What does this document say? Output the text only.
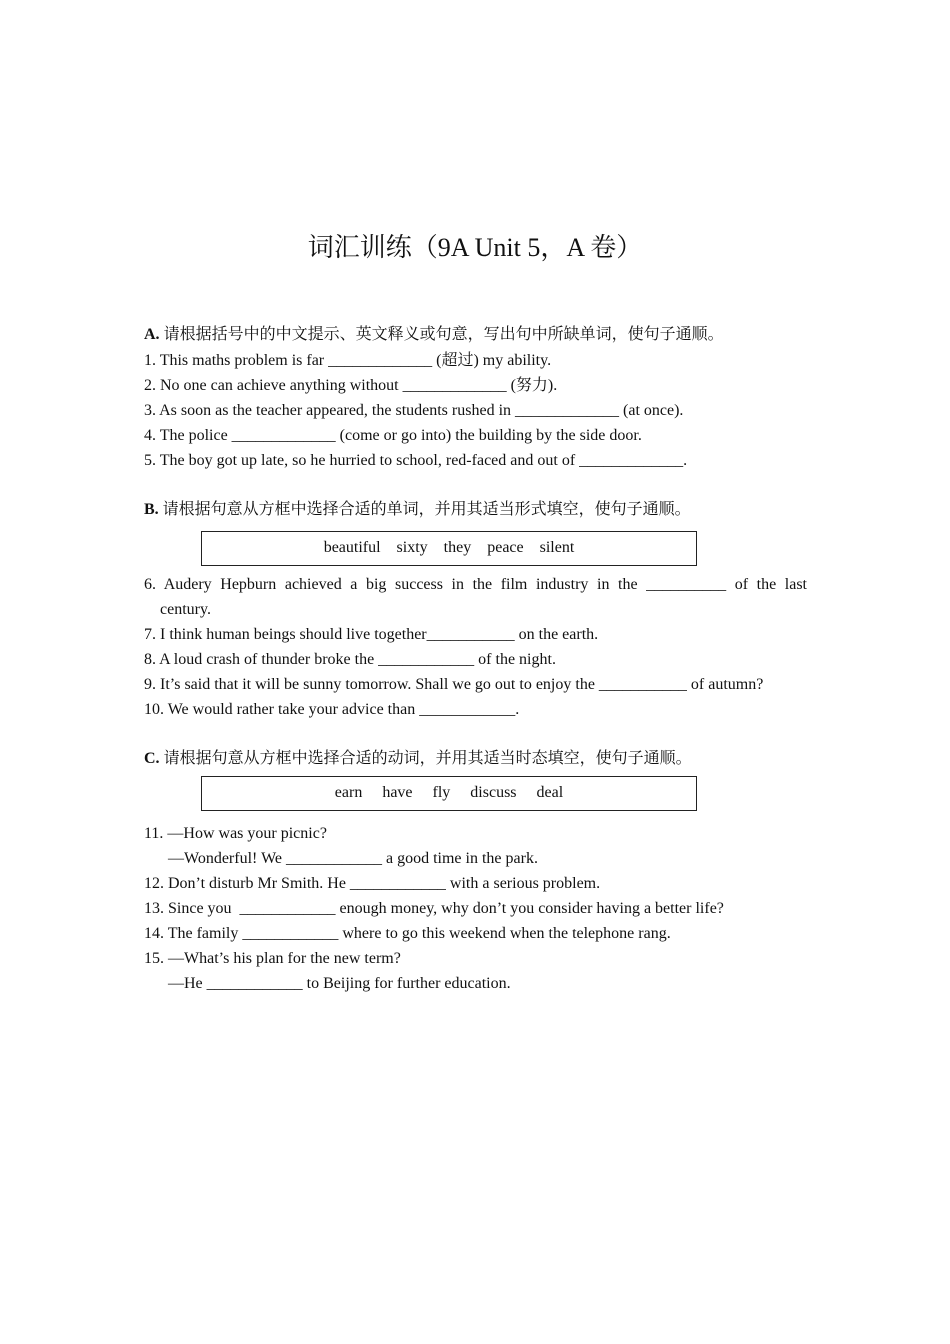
词汇训练（9A Unit 5，A 卷）
A. 请根据括号中的中文提示、英文释义或句意，写出句中所缺单词，使句子通顺。
1. This maths problem is far _____________ (超过) my ability.
2. No one can achieve anything without _____________ (努力).
3. As soon as the teacher appeared, the students rushed in _____________ (at once).
4. The police _____________ (come or go into) the building by the side door.
5. The boy got up late, so he hurried to school, red-faced and out of _____________.
B. 请根据句意从方框中选择合适的单词，并用其适当形式填空，使句子通顺。
beautiful    sixty    they    peace    silent
6. Audery Hepburn achieved a big success in the film industry in the __________ of the last
century.
7. I think human beings should live together___________ on the earth.
8. A loud crash of thunder broke the ____________ of the night.
9. It’s said that it will be sunny tomorrow. Shall we go out to enjoy the ___________ of autumn?
10. We would rather take your advice than ____________.
C. 请根据句意从方框中选择合适的动词，并用其适当时态填空，使句子通顺。
earn     have     fly     discuss     deal
11. —How was your picnic?
—Wonderful! We ____________ a good time in the park.
12. Don’t disturb Mr Smith. He ____________ with a serious problem.
13. Since you  ____________ enough money, why don’t you consider having a better life?
14. The family ____________ where to go this weekend when the telephone rang.
15. —What’s his plan for the new term?
—He ____________ to Beijing for further education.
